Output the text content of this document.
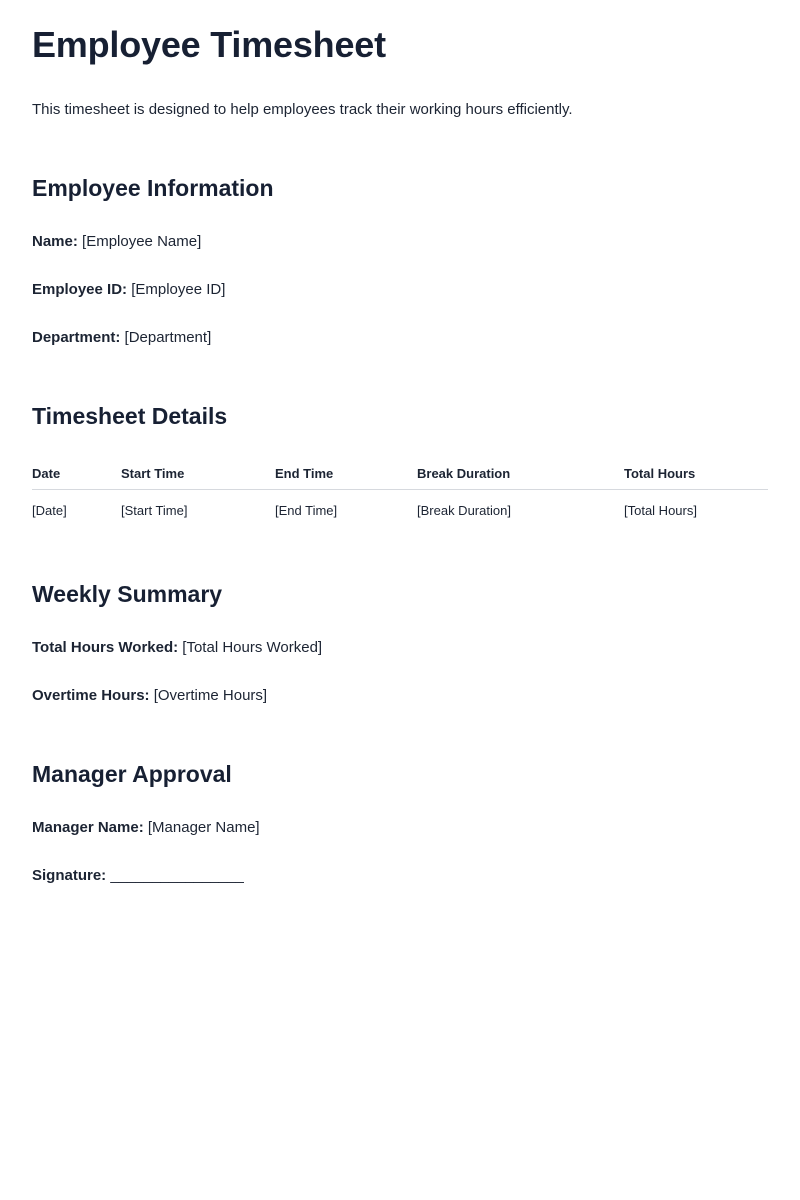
Employee Timesheet

This timesheet is designed to help employees track their working hours efficiently.

Employee Information

Name: [Employee Name]

Employee ID: [Employee ID]

Department: [Department]

Timesheet Details
Date	Start Time	End Time	Break Duration	Total Hours
[Date]	[Start Time]	[End Time]	[Break Duration]	[Total Hours]
Weekly Summary

Total Hours Worked: [Total Hours Worked]

Overtime Hours: [Overtime Hours]

Manager Approval

Manager Name: [Manager Name]

Signature: ________________
